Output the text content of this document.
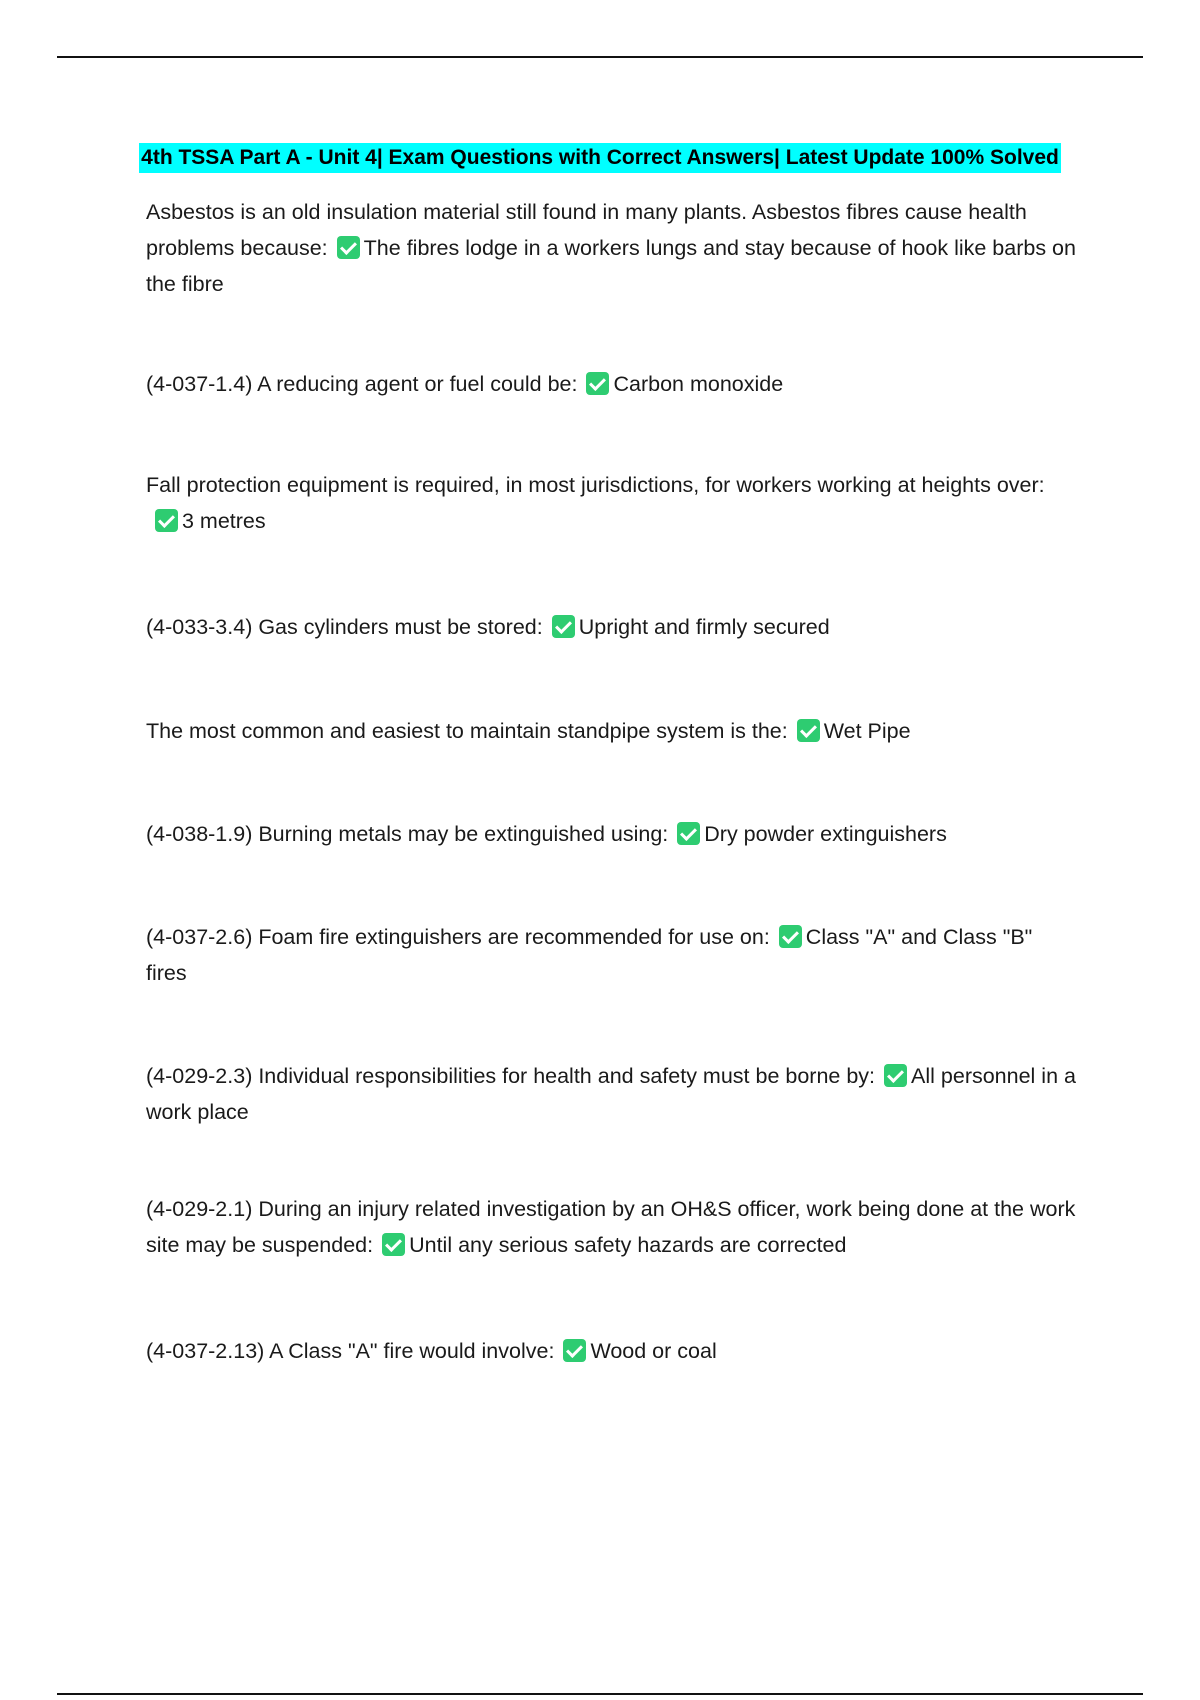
4th TSSA Part A - Unit 4| Exam Questions with Correct Answers| Latest Update 100% Solved
Asbestos is an old insulation material still found in many plants. Asbestos fibres cause health problems because: The fibres lodge in a workers lungs and stay because of hook like barbs on the fibre
(4-037-1.4) A reducing agent or fuel could be: Carbon monoxide
Fall protection equipment is required, in most jurisdictions, for workers working at heights over:3 metres
(4-033-3.4) Gas cylinders must be stored: Upright and firmly secured
The most common and easiest to maintain standpipe system is the: Wet Pipe
(4-038-1.9) Burning metals may be extinguished using: Dry powder extinguishers
(4-037-2.6) Foam fire extinguishers are recommended for use on: Class "A" and Class "B" fires
(4-029-2.3) Individual responsibilities for health and safety must be borne by: All personnel in a work place
(4-029-2.1) During an injury related investigation by an OH&S officer, work being done at the work site may be suspended: Until any serious safety hazards are corrected
(4-037-2.13) A Class "A" fire would involve: Wood or coal
